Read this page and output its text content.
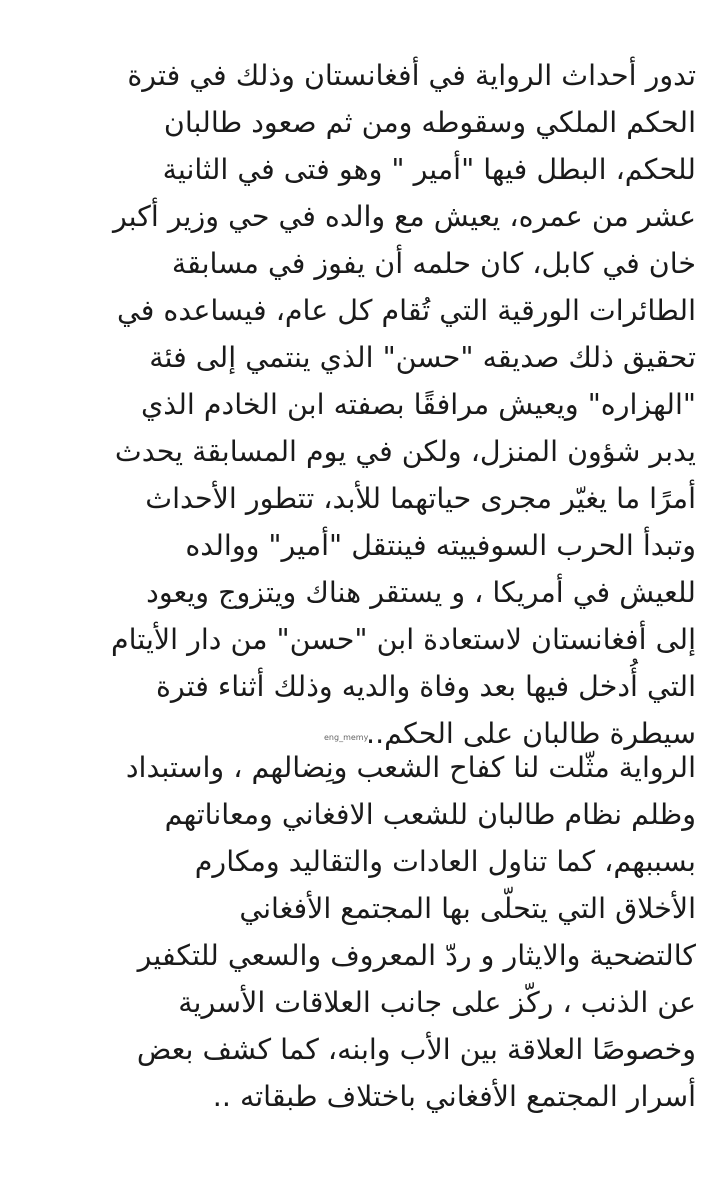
تدور أحداث الرواية في أفغانستان وذلك في فترة
الحكم الملكي وسقوطه ومن ثم صعود طالبان
للحكم، البطل فيها "أمير " وهو فتى في الثانية
عشر من عمره، يعيش مع والده في حي وزير أكبر
خان في كابل، كان حلمه أن يفوز في مسابقة
الطائرات الورقية التي تُقام كل عام، فيساعده في
تحقيق ذلك صديقه "حسن" الذي ينتمي إلى فئة
"الهزاره" ويعيش مرافقًا بصفته ابن الخادم الذي
يدبر شؤون المنزل، ولكن في يوم المسابقة يحدث
أمرًا ما يغيّر مجرى حياتهما للأبد، تتطور الأحداث
وتبدأ الحرب السوفييته فينتقل "أمير" ووالده
للعيش في أمريكا ، و يستقر هناك ويتزوج ويعود
إلى أفغانستان لاستعادة ابن "حسن" من دار الأيتام
التي أُدخل فيها بعد وفاة والديه وذلك أثناء فترة
سيطرة طالبان على الحكم..
eng_memy
الرواية مثّلت لنا كفاح الشعب ونِضالهم ، واستبداد
وظلم نظام طالبان للشعب الافغاني ومعاناتهم
بسببهم، كما تناول العادات والتقاليد ومكارم
الأخلاق التي يتحلّى بها المجتمع الأفغاني
كالتضحية والايثار و ردّ المعروف والسعي للتكفير
عن الذنب ، ركّز على جانب العلاقات الأسرية
وخصوصًا العلاقة بين الأب وابنه، كما كشف بعض
أسرار المجتمع الأفغاني باختلاف طبقاته ..
